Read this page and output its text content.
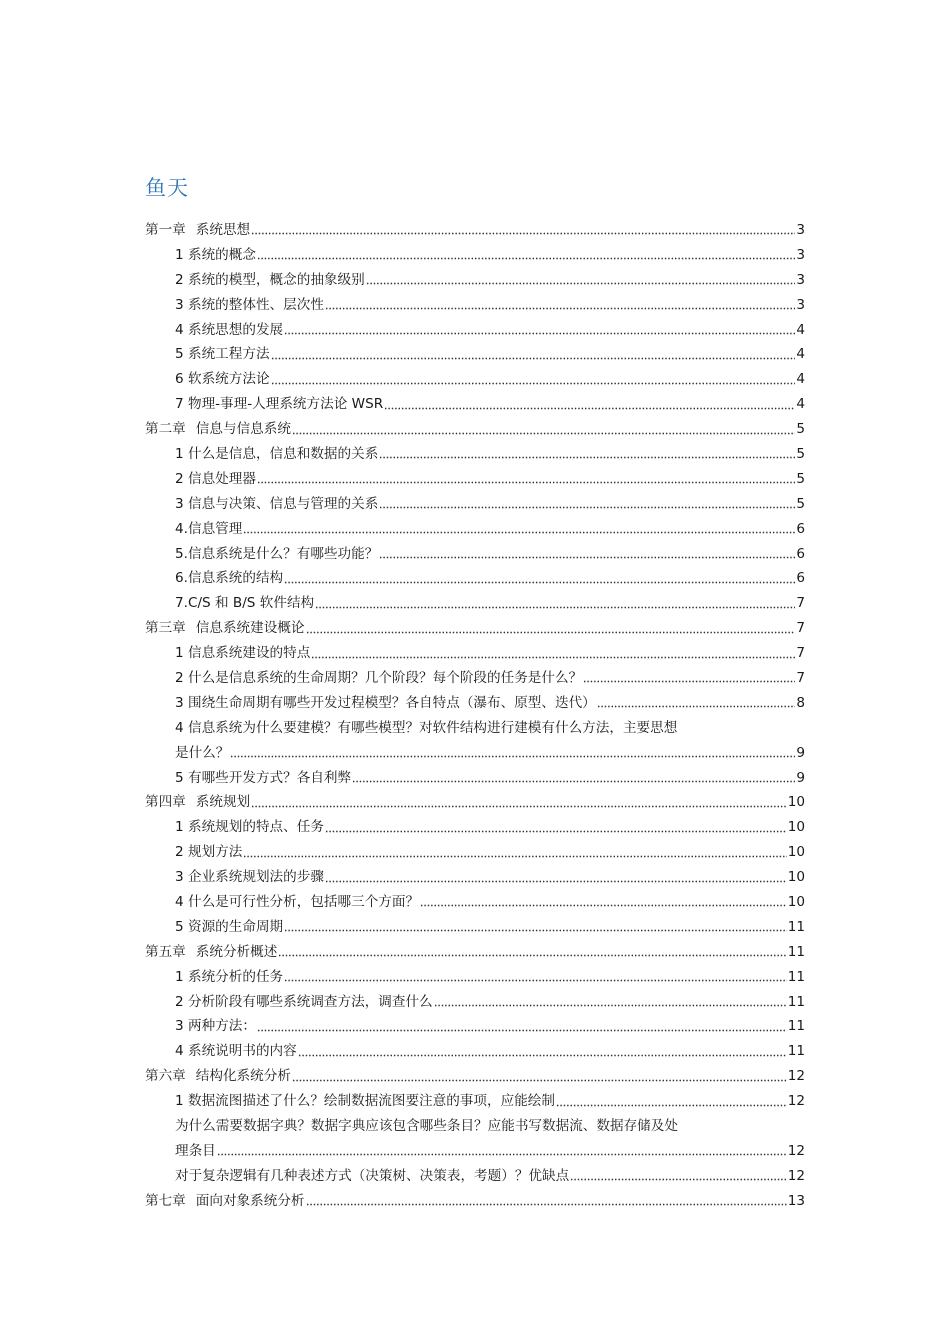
鱼天
第一章 系统思想	3
1 系统的概念	3
2 系统的模型，概念的抽象级别	3
3 系统的整体性、层次性	3
4 系统思想的发展	4
5 系统工程方法	4
6 软系统方法论	4
7 物理-事理-人理系统方法论 WSR	4
第二章 信息与信息系统	5
1 什么是信息，信息和数据的关系	5
2 信息处理器	5
3 信息与决策、信息与管理的关系	5
4.信息管理	6
5.信息系统是什么？有哪些功能？	6
6.信息系统的结构	6
7.C/S 和 B/S 软件结构	7
第三章 信息系统建设概论	7
1 信息系统建设的特点	7
2 什么是信息系统的生命周期？几个阶段？每个阶段的任务是什么？	7
3 围绕生命周期有哪些开发过程模型？各自特点（瀑布、原型、迭代）	8
4 信息系统为什么要建模？有哪些模型？对软件结构进行建模有什么方法，主要思想
是什么？	9
5 有哪些开发方式？各自利弊	9
第四章 系统规划	10
1 系统规划的特点、任务	10
2 规划方法	10
3 企业系统规划法的步骤	10
4 什么是可行性分析，包括哪三个方面？	10
5 资源的生命周期	11
第五章 系统分析概述	11
1 系统分析的任务	11
2 分析阶段有哪些系统调查方法，调查什么	11
3 两种方法：	11
4 系统说明书的内容	11
第六章 结构化系统分析	12
1 数据流图描述了什么？绘制数据流图要注意的事项，应能绘制	12
为什么需要数据字典？数据字典应该包含哪些条目？应能书写数据流、数据存储及处
理条目	12
对于复杂逻辑有几种表述方式（决策树、决策表，考题）？优缺点	12
第七章 面向对象系统分析	13
